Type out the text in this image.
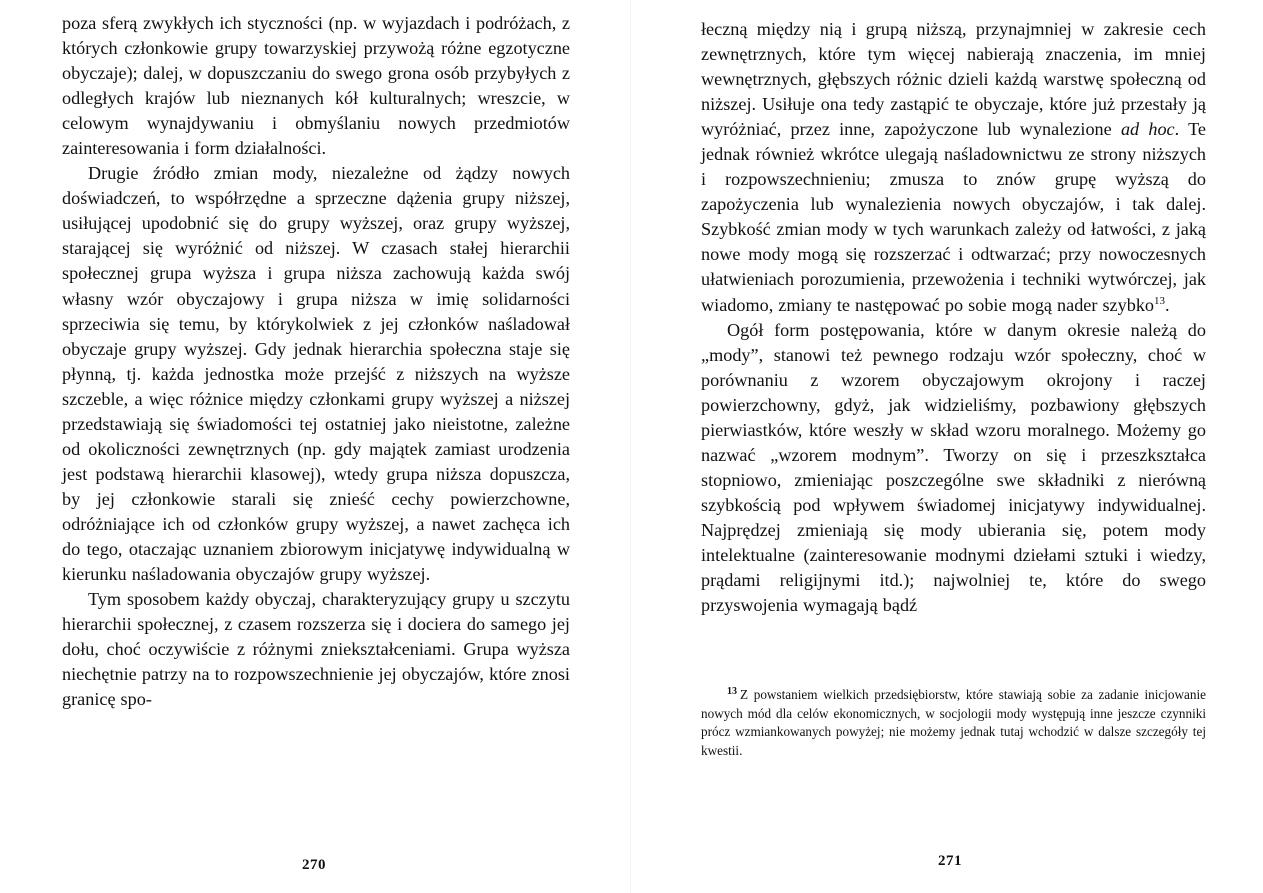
poza sferą zwykłych ich styczności (np. w wyjazdach i podróżach, z których członkowie grupy towarzyskiej przywożą różne egzotyczne obyczaje); dalej, w dopuszczaniu do swego grona osób przybyłych z odległych krajów lub nieznanych kół kulturalnych; wreszcie, w celowym wynajdywaniu i obmyślaniu nowych przedmiotów zainteresowania i form działalności.

Drugie źródło zmian mody, niezależne od żądzy nowych doświadczeń, to współrzędne a sprzeczne dążenia grupy niższej, usiłującej upodobnić się do grupy wyższej, oraz grupy wyższej, starającej się wyróżnić od niższej. W czasach stałej hierarchii społecznej grupa wyższa i grupa niższa zachowują każda swój własny wzór obyczajowy i grupa niższa w imię solidarności sprzeciwia się temu, by którykolwiek z jej członków naśladował obyczaje grupy wyższej. Gdy jednak hierarchia społeczna staje się płynną, tj. każda jednostka może przejść z niższych na wyższe szczeble, a więc różnice między członkami grupy wyższej a niższej przedstawiają się świadomości tej ostatniej jako nieistotne, zależne od okoliczności zewnętrznych (np. gdy majątek zamiast urodzenia jest podstawą hierarchii klasowej), wtedy grupa niższa dopuszcza, by jej członkowie starali się znieść cechy powierzchowne, odróżniające ich od członków grupy wyższej, a nawet zachęca ich do tego, otaczając uznaniem zbiorowym inicjatywę indywidualną w kierunku naśladowania obyczajów grupy wyższej.

Tym sposobem każdy obyczaj, charakteryzujący grupy u szczytu hierarchii społecznej, z czasem rozszerza się i dociera do samego jej dołu, choć oczywiście z różnymi zniekształceniami. Grupa wyższa niechętnie patrzy na to rozpowszechnienie jej obyczajów, które znosi granicę spo-

270

łeczną między nią i grupą niższą, przynajmniej w zakresie cech zewnętrznych, które tym więcej nabierają znaczenia, im mniej wewnętrznych, głębszych różnic dzieli każdą warstwę społeczną od niższej. Usiłuje ona tedy zastąpić te obyczaje, które już przestały ją wyróżniać, przez inne, zapożyczone lub wynalezione ad hoc. Te jednak również wkrótce ulegają naśladownictwu ze strony niższych i rozpowszechnieniu; zmusza to znów grupę wyższą do zapożyczenia lub wynalezienia nowych obyczajów, i tak dalej. Szybkość zmian mody w tych warunkach zależy od łatwości, z jaką nowe mody mogą się rozszerzać i odtwarzać; przy nowoczesnych ułatwieniach porozumienia, przewożenia i techniki wytwórczej, jak wiadomo, zmiany te następować po sobie mogą nader szybko$^{13}$.

Ogół form postępowania, które w danym okresie należą do „mody”, stanowi też pewnego rodzaju wzór społeczny, choć w porównaniu z wzorem obyczajowym okrojony i raczej powierzchowny, gdyż, jak widzieliśmy, pozbawiony głębszych pierwiastków, które weszły w skład wzoru moralnego. Możemy go nazwać „wzorem modnym”. Tworzy on się i przeszkształca stopniowo, zmieniając poszczególne swe składniki z nierówną szybkością pod wpływem świadomej inicjatywy indywidualnej. Najprędzej zmieniają się mody ubierania się, potem mody intelektualne (zainteresowanie modnymi dziełami sztuki i wiedzy, prądami religijnymi itd.); najwolniej te, które do swego przyswojenia wymagają bądź

$^{13}$ Z powstaniem wielkich przedsiębiorstw, które stawiają sobie za zadanie inicjowanie nowych mód dla celów ekonomicznych, w socjologii mody występują inne jeszcze czynniki prócz wzmiankowanych powyżej; nie możemy jednak tutaj wchodzić w dalsze szczegóły tej kwestii.

271
